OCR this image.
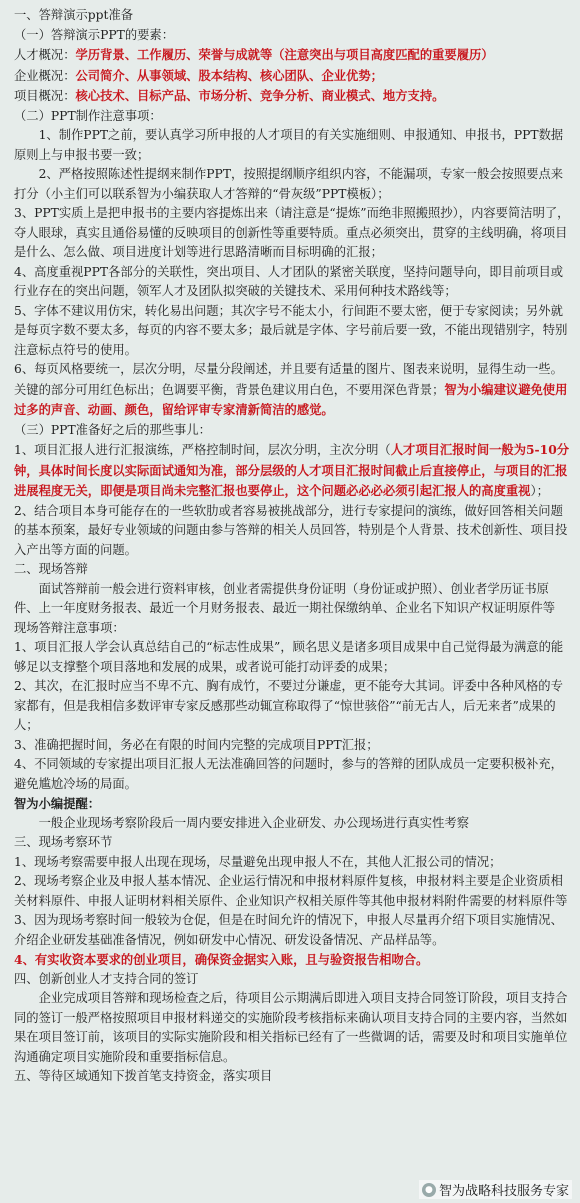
一、答辩演示ppt准备

（一）答辩演示PPT的要素：

人才概况：学历背景、工作履历、荣誉与成就等（注意突出与项目高度匹配的重要履历）

企业概况：公司简介、从事领域、股本结构、核心团队、企业优势；

项目概况：核心技术、目标产品、市场分析、竞争分析、商业模式、地方支持。

（二）PPT制作注意事项：

1、制作PPT之前，要认真学习所申报的人才项目的有关实施细则、申报通知、申报书，PPT数据原则上与申报书要一致；

2、严格按照陈述性提纲来制作PPT，按照提纲顺序组织内容，不能漏项，专家一般会按照要点来打分（小主们可以联系智为小编获取人才答辩的“骨灰级”PPT模板）；

3、PPT实质上是把申报书的主要内容提炼出来（请注意是“提炼”而绝非照搬照抄），内容要简洁明了，夺人眼球，真实且通俗易懂的反映项目的创新性等重要特质。重点必须突出，贯穿的主线明确，将项目是什么、怎么做、项目进度计划等进行思路清晰而目标明确的汇报；

4、高度重视PPT各部分的关联性，突出项目、人才团队的紧密关联度，坚持问题导向，即目前项目或行业存在的突出问题，领军人才及团队拟突破的关键技术、采用何种技术路线等；

5、字体不建议用仿宋，转化易出问题；其次字号不能太小，行间距不要太密，便于专家阅读；另外就是每页字数不要太多，每页的内容不要太多；最后就是字体、字号前后要一致，不能出现错别字，特别注意标点符号的使用。

6、每页风格要统一，层次分明，尽量分段阐述，并且要有适量的图片、图表来说明，显得生动一些。关键的部分可用红色标出；色调要平衡，背景色建议用白色，不要用深色背景；智为小编建议避免使用过多的声音、动画、颜色，留给评审专家清新简洁的感觉。

（三）PPT准备好之后的那些事儿：

1、项目汇报人进行汇报演练，严格控制时间，层次分明，主次分明（人才项目汇报时间一般为5-10分钟，具体时间长度以实际面试通知为准，部分层级的人才项目汇报时间截止后直接停止，与项目的汇报进展程度无关，即便是项目尚未完整汇报也要停止，这个问题必必必必须引起汇报人的高度重视）；

2、结合项目本身可能存在的一些软肋或者容易被挑战部分，进行专家提问的演练，做好回答相关问题的基本预案，最好专业领域的问题由参与答辩的相关人员回答，特别是个人背景、技术创新性、项目投入产出等方面的问题。

二、现场答辩

面试答辩前一般会进行资料审核，创业者需提供身份证明（身份证或护照）、创业者学历证书原件、上一年度财务报表、最近一个月财务报表、最近一期社保缴纳单、企业名下知识产权证明原件等

现场答辩注意事项：

1、项目汇报人学会认真总结自己的“标志性成果”，顾名思义是诸多项目成果中自己觉得最为满意的能够足以支撑整个项目落地和发展的成果，或者说可能打动评委的成果；

2、其次，在汇报时应当不卑不亢、胸有成竹，不要过分谦虚，更不能夸大其词。评委中各种风格的专家都有，但是我相信多数评审专家反感那些动辄宣称取得了“惊世骇俗”“前无古人，后无来者”成果的人；

3、准确把握时间，务必在有限的时间内完整的完成项目PPT汇报；

4、不同领域的专家提出项目汇报人无法准确回答的问题时，参与的答辩的团队成员一定要积极补充，避免尴尬冷场的局面。

智为小编提醒：

一般企业现场考察阶段后一周内要安排进入企业研发、办公现场进行真实性考察

三、现场考察环节

1、现场考察需要申报人出现在现场，尽量避免出现申报人不在，其他人汇报公司的情况；

2、现场考察企业及申报人基本情况、企业运行情况和申报材料原件复核，申报材料主要是企业资质相关材料原件、申报人证明材料相关原件、企业知识产权相关原件等其他申报材料附件需要的材料原件等

3、因为现场考察时间一般较为仓促，但是在时间允许的情况下，申报人尽量再介绍下项目实施情况、介绍企业研发基础准备情况，例如研发中心情况、研发设备情况、产品样品等。

4、有实收资本要求的创业项目，确保资金据实入账，且与验资报告相吻合。

四、创新创业人才支持合同的签订

企业完成项目答辩和现场检查之后，待项目公示期满后即进入项目支持合同签订阶段，项目支持合同的签订一般严格按照项目申报材料递交的实施阶段考核指标来确认项目支持合同的主要内容，当然如果在项目签订前，该项目的实际实施阶段和相关指标已经有了一些微调的话，需要及时和项目实施单位沟通确定项目实施阶段和重要指标信息。

五、等待区域通知下拨首笔支持资金，落实项目

● 智为战略科技服务专家
